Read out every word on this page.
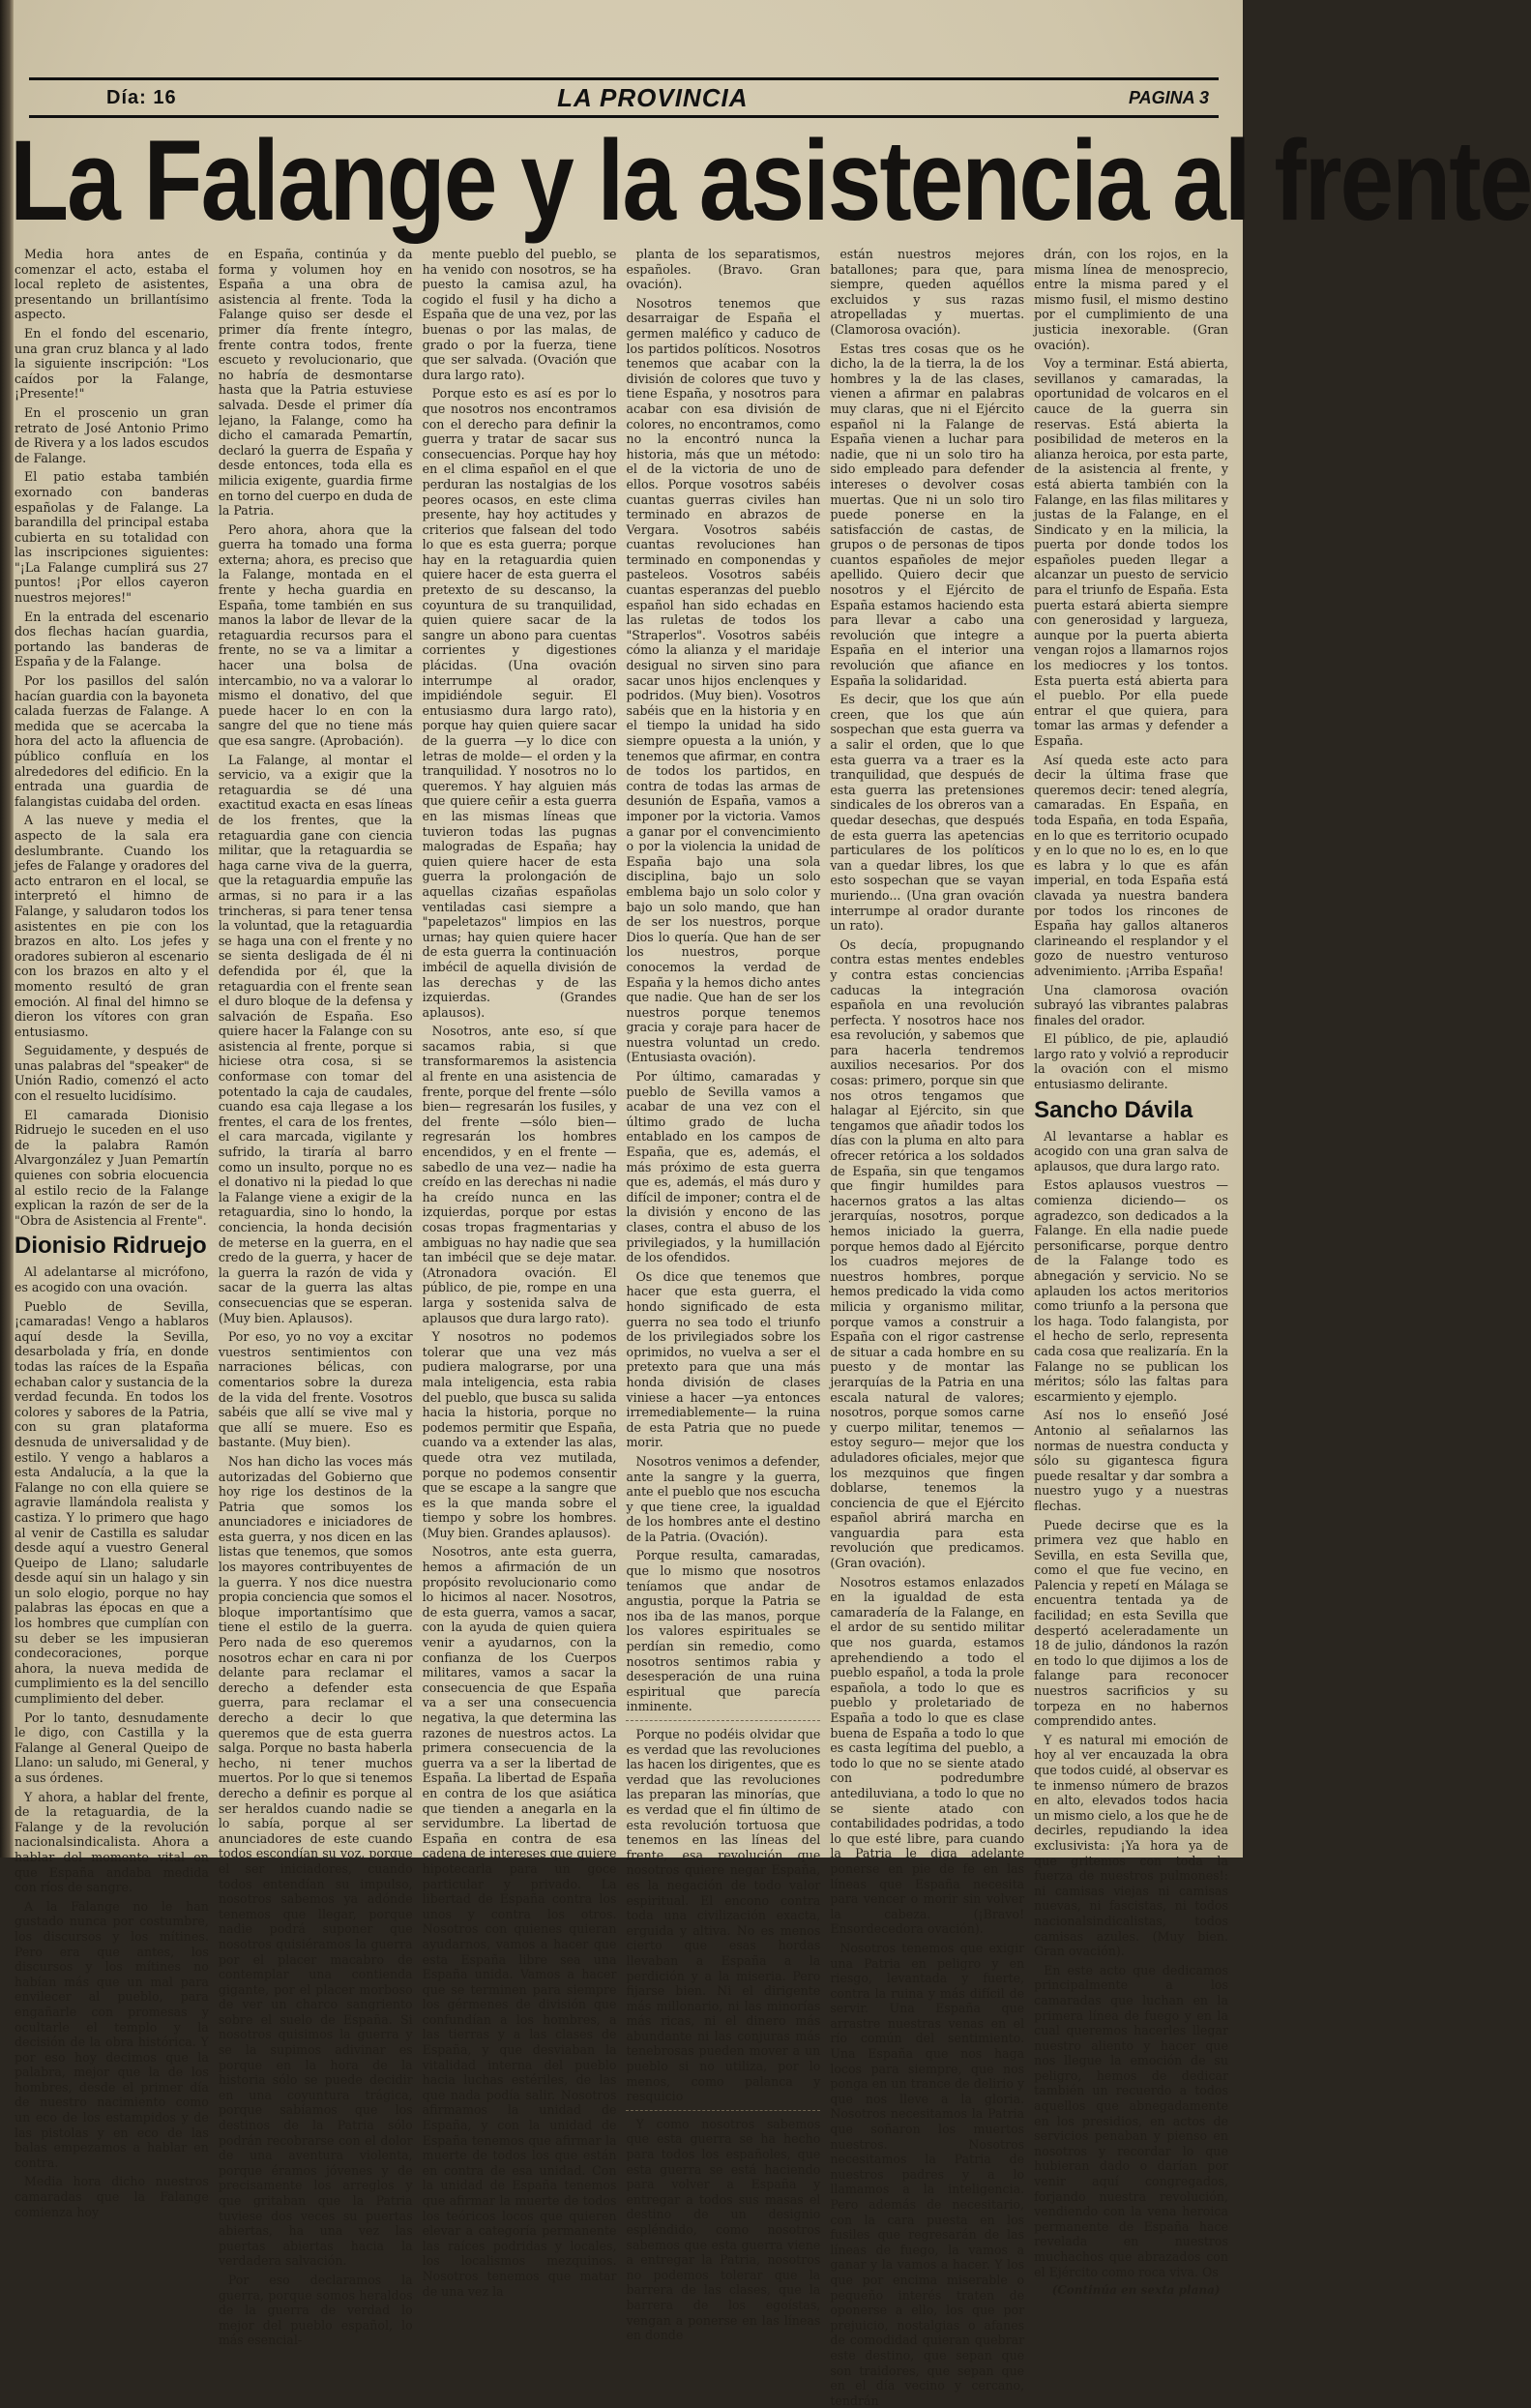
Día: 16	LA PROVINCIA	PAGINA 3
La Falange y la asistencia al frente

Media hora antes de comenzar el acto, estaba el local repleto de asistentes, presentando un brillantísimo aspecto.

En el fondo del escenario, una gran cruz blanca y al lado la siguiente inscripción: "Los caídos por la Falange, ¡Presente!"

En el proscenio un gran retrato de José Antonio Primo de Rivera y a los lados escudos de Falange.

El patio estaba también exornado con banderas españolas y de Falange. La barandilla del principal estaba cubierta en su totalidad con las inscripciones siguientes: "¡La Falange cumplirá sus 27 puntos! ¡Por ellos cayeron nuestros mejores!"

En la entrada del escenario dos flechas hacían guardia, portando las banderas de España y de la Falange.

Por los pasillos del salón hacían guardia con la bayoneta calada fuerzas de Falange. A medida que se acercaba la hora del acto la afluencia de público confluía en los alrededores del edificio. En la entrada una guardia de falangistas cuidaba del orden.

A las nueve y media el aspecto de la sala era deslumbrante. Cuando los jefes de Falange y oradores del acto entraron en el local, se interpretó el himno de Falange, y saludaron todos los asistentes en pie con los brazos en alto. Los jefes y oradores subieron al escenario con los brazos en alto y el momento resultó de gran emoción. Al final del himno se dieron los vítores con gran entusiasmo.

Seguidamente, y después de unas palabras del "speaker" de Unión Radio, comenzó el acto con el resuelto lucidísimo.

El camarada Dionisio Ridruejo le suceden en el uso de la palabra Ramón Alvargonzález y Juan Pemartín quienes con sobria elocuencia al estilo recio de la Falange explican la razón de ser de la "Obra de Asistencia al Frente".

Dionisio Ridruejo

Al adelantarse al micrófono, es acogido con una ovación.

Pueblo de Sevilla, ¡camaradas! Vengo a hablaros aquí desde la Sevilla, desarbolada y fría, en donde todas las raíces de la España echaban calor y sustancia de la verdad fecunda. En todos los colores y sabores de la Patria, con su gran plataforma desnuda de universalidad y de estilo. Y vengo a hablaros a esta Andalucía, a la que la Falange no con ella quiere se agravie llamándola realista y castiza. Y lo primero que hago al venir de Castilla es saludar desde aquí a vuestro General Queipo de Llano; saludarle desde aquí sin un halago y sin un solo elogio, porque no hay palabras las épocas en que a los hombres que cumplían con su deber se les impusieran condecoraciones, porque ahora, la nueva medida de cumplimiento es la del sencillo cumplimiento del deber.

Por lo tanto, desnudamente le digo, con Castilla y la Falange al General Queipo de Llano: un saludo, mi General, y a sus órdenes.

Y ahora, a hablar del frente, de la retaguardia, de la Falange y de la revolución nacionalsindicalista. Ahora a hablar del momento vital en que España andaba medida con ríos de sangre.

A la Falange no le han gustado nunca por costumbre, los discursos y los mítines. Pero era que antes, los discursos y los mítines no habían más que un mal para envilecer al pueblo, para engañarle con promesas y ocultarle el templo y la decisión de la obra histórica. Y por eso hoy decimos que la palabra, mejor que la de los hombres, desde el primer día de nuestro nacimiento como un eco de los estampidos y de las pistolas y en eco de las balas empezamos a hablar en contra.

Media hora dicho nuestros camaradas que la Falange comienza hoy

en España, continúa y da forma y volumen hoy en España a una obra de asistencia al frente. Toda la Falange quiso ser desde el primer día frente íntegro, frente contra todos, frente escueto y revolucionario, que no habría de desmontarse hasta que la Patria estuviese salvada. Desde el primer día lejano, la Falange, como ha dicho el camarada Pemartín, declaró la guerra de España y desde entonces, toda ella es milicia exigente, guardia firme en torno del cuerpo en duda de la Patria.

Pero ahora, ahora que la guerra ha tomado una forma externa; ahora, es preciso que la Falange, montada en el frente y hecha guardia en España, tome también en sus manos la labor de llevar de la retaguardia recursos para el frente, no se va a limitar a hacer una bolsa de intercambio, no va a valorar lo mismo el donativo, del que puede hacer lo en con la sangre del que no tiene más que esa sangre. (Aprobación).

La Falange, al montar el servicio, va a exigir que la retaguardia se dé una exactitud exacta en esas líneas de los frentes, que la retaguardia gane con ciencia militar, que la retaguardia se haga carne viva de la guerra, que la retaguardia empuñe las armas, si no para ir a las trincheras, si para tener tensa la voluntad, que la retaguardia se haga una con el frente y no se sienta desligada de él ni defendida por él, que la retaguardia con el frente sean el duro bloque de la defensa y salvación de España. Eso quiere hacer la Falange con su asistencia al frente, porque si hiciese otra cosa, si se conformase con tomar del potentado la caja de caudales, cuando esa caja llegase a los frentes, el cara de los frentes, el cara marcada, vigilante y sufrido, la tiraría al barro como un insulto, porque no es el donativo ni la piedad lo que la Falange viene a exigir de la retaguardia, sino lo hondo, la conciencia, la honda decisión de meterse en la guerra, en el credo de la guerra, y hacer de la guerra la razón de vida y sacar de la guerra las altas consecuencias que se esperan. (Muy bien. Aplausos).

Por eso, yo no voy a excitar vuestros sentimientos con narraciones bélicas, con comentarios sobre la dureza de la vida del frente. Vosotros sabéis que allí se vive mal y que allí se muere. Eso es bastante. (Muy bien).

Nos han dicho las voces más autorizadas del Gobierno que hoy rige los destinos de la Patria que somos los anunciadores e iniciadores de esta guerra, y nos dicen en las listas que tenemos, que somos los mayores contribuyentes de la guerra. Y nos dice nuestra propia conciencia que somos el bloque importantísimo que tiene el estilo de la guerra. Pero nada de eso queremos nosotros echar en cara ni por delante para reclamar el derecho a defender esta guerra, para reclamar el derecho a decir lo que queremos que de esta guerra salga. Porque no basta haberla hecho, ni tener muchos muertos. Por lo que si tenemos derecho a definir es porque al ser heraldos cuando nadie se lo sabía, porque al ser anunciadores de este cuando todos escondían su voz, porque el ser iniciadores, cuando todos entendían su impulso, nosotros sabemos ya adónde tenemos que llegar, porque nadie podrá suponer que nosotros quisiéramos la guerra por el placer macabro de contemplar una contienda gigante, por el placer morboso de ver un charco sangriento sobre el suelo de España. Si nosotros quisimos la guerra y se la supimos adivinar es porque en la hora de la historia sólo se puede decidir en una coyuntura trágica, porque sabíamos que los destinos de la Patria sólo podrán recobrarse con el dolor de una aventura violenta, porque éramos jóvenes y de precisamente los arreglos y que gritaban que la Patria tuviese dos veces su puertas abiertas, ha una vez las puertas abiertas hacia la verdadera salvación.

Por eso declaramos la guerra, porque somos heraldos de la guerra de verdad lo mejor del pueblo español, lo más esencial-

mente pueblo del pueblo, se ha venido con nosotros, se ha puesto la camisa azul, ha cogido el fusil y ha dicho a España que de una vez, por las buenas o por las malas, de grado o por la fuerza, tiene que ser salvada. (Ovación que dura largo rato).

Porque esto es así es por lo que nosotros nos encontramos con el derecho para definir la guerra y tratar de sacar sus consecuencias. Porque hay hoy en el clima español en el que perduran las nostalgias de los peores ocasos, en este clima presente, hay hoy actitudes y criterios que falsean del todo lo que es esta guerra; porque hay en la retaguardia quien quiere hacer de esta guerra el pretexto de su descanso, la coyuntura de su tranquilidad, quien quiere sacar de la sangre un abono para cuentas corrientes y digestiones plácidas. (Una ovación interrumpe al orador, impidiéndole seguir. El entusiasmo dura largo rato), porque hay quien quiere sacar de la guerra —y lo dice con letras de molde— el orden y la tranquilidad. Y nosotros no lo queremos. Y hay alguien más que quiere ceñir a esta guerra en las mismas líneas que tuvieron todas las pugnas malogradas de España; hay quien quiere hacer de esta guerra la prolongación de aquellas cizañas españolas ventiladas casi siempre a "papeletazos" limpios en las urnas; hay quien quiere hacer de esta guerra la continuación imbécil de aquella división de las derechas y de las izquierdas. (Grandes aplausos).

Nosotros, ante eso, sí que sacamos rabia, si que transformaremos la asistencia al frente en una asistencia de frente, porque del frente —sólo bien— regresarán los fusiles, y del frente —sólo bien— regresarán los hombres encendidos, y en el frente —sabedlo de una vez— nadie ha creído en las derechas ni nadie ha creído nunca en las izquierdas, porque por estas cosas tropas fragmentarias y ambiguas no hay nadie que sea tan imbécil que se deje matar. (Atronadora ovación. El público, de pie, rompe en una larga y sostenida salva de aplausos que dura largo rato).

Y nosotros no podemos tolerar que una vez más pudiera malograrse, por una mala inteligencia, esta rabia del pueblo, que busca su salida hacia la historia, porque no podemos permitir que España, cuando va a extender las alas, quede otra vez mutilada, porque no podemos consentir que se escape a la sangre que es la que manda sobre el tiempo y sobre los hombres. (Muy bien. Grandes aplausos).

Nosotros, ante esta guerra, hemos a afirmación de un propósito revolucionario como lo hicimos al nacer. Nosotros, de esta guerra, vamos a sacar, con la ayuda de quien quiera venir a ayudarnos, con la confianza de los Cuerpos militares, vamos a sacar la consecuencia de que España va a ser una consecuencia negativa, la que determina las razones de nuestros actos. La primera consecuencia de la guerra va a ser la libertad de España. La libertad de España en contra de los que asiática que tienden a anegarla en la servidumbre. La libertad de España en contra de esa cadena de intereses que quiere hipotecarla para un goce particular y privado. La libertad de España contra los unos y contra los otros. Nosotros con quienes quieran ayudarnos, vamos a hacer que esta España libre sea una España unida. Vamos a hacer que se terminen para siempre los gérmenes de división que confundían a los hombres, a las tierras y a las clases de España, y que desviaban la vitalidad interna del pueblo hacia luchas estériles, de las que nada podía salir. Nosotros afirmamos la unidad de España, y con la unidad de España tenemos que afirmar la muerte de todos los que están en contra de esa unidad. Con la unidad de España tenemos que afirmar la muerte de todos los teóricos locos que quieren elevar a categoría permanente las raíces podridas y locales, los localismos mezquinos. Nosotros tenemos que matar de una vez la

planta de los separatismos, españoles. (Bravo. Gran ovación).

Nosotros tenemos que desarraigar de España el germen maléfico y caduco de los partidos políticos. Nosotros tenemos que acabar con la división de colores que tuvo y tiene España, y nosotros para acabar con esa división de colores, no encontramos, como no la encontró nunca la historia, más que un método: el de la victoria de uno de ellos. Porque vosotros sabéis cuantas guerras civiles han terminado en abrazos de Vergara. Vosotros sabéis cuantas revoluciones han terminado en componendas y pasteleos. Vosotros sabéis cuantas esperanzas del pueblo español han sido echadas en las ruletas de todos los "Straperlos". Vosotros sabéis cómo la alianza y el maridaje desigual no sirven sino para sacar unos hijos enclenques y podridos. (Muy bien). Vosotros sabéis que en la historia y en el tiempo la unidad ha sido siempre opuesta a la unión, y tenemos que afirmar, en contra de todos los partidos, en contra de todas las armas de desunión de España, vamos a imponer por la victoria. Vamos a ganar por el convencimiento o por la violencia la unidad de España bajo una sola disciplina, bajo un solo emblema bajo un solo color y bajo un solo mando, que han de ser los nuestros, porque Dios lo quería. Que han de ser los nuestros, porque conocemos la verdad de España y la hemos dicho antes que nadie. Que han de ser los nuestros porque tenemos gracia y coraje para hacer de nuestra voluntad un credo. (Entusiasta ovación).

Por último, camaradas y pueblo de Sevilla vamos a acabar de una vez con el último grado de lucha entablado en los campos de España, que es, además, el más próximo de esta guerra que es, además, el más duro y difícil de imponer; contra el de la división y encono de las clases, contra el abuso de los privilegiados, y la humillación de los ofendidos.

Os dice que tenemos que hacer que esta guerra, el hondo significado de esta guerra no sea todo el triunfo de los privilegiados sobre los oprimidos, no vuelva a ser el pretexto para que una más honda división de clases viniese a hacer —ya entonces irremediablemente— la ruina de esta Patria que no puede morir.

Nosotros venimos a defender, ante la sangre y la guerra, ante el pueblo que nos escucha y que tiene cree, la igualdad de los hombres ante el destino de la Patria. (Ovación).

Porque resulta, camaradas, que lo mismo que nosotros teníamos que andar de angustia, porque la Patria se nos iba de las manos, porque los valores espirituales se perdían sin remedio, como nosotros sentimos rabia y desesperación de una ruina espiritual que parecía inminente.

Porque no podéis olvidar que es verdad que las revoluciones las hacen los dirigentes, que es verdad que las revoluciones las preparan las minorías, que es verdad que el fin último de esta revolución tortuosa que tenemos en las líneas del frente, esa revolución que nosotros quiere negar España, es la negación de todo valor espiritual. El encono contra toda una civilización exacta, erguida y altiva. No es menos cierto que esas hordas llevaban a España a la perdición y a la miseria. Pero fijarse bien. Ni el dirigente más millonario, ni las minorías más ricas, ni el dinero más abundante ni las conjuras más tenebrosas pueden mover a un pueblo si no utiliza, por lo menos, como palanca y resquicio

Y como nosotros sabemos que esta guerra se ha hecho para todos los españoles, que esta guerra se está haciendo para volver a España y entregar a todos sus masas el destino de un designio espléndido, como nosotros sabemos que esta guerra viene a entregar la Patria, nosotros no podemos tolerar que la barrera de las clases, que la barrera de los egoístas, vengan a ponerse en las líneas en donde

están nuestros mejores batallones; para que, para siempre, queden aquéllos excluidos y sus razas atropelladas y muertas. (Clamorosa ovación).

Estas tres cosas que os he dicho, la de la tierra, la de los hombres y la de las clases, vienen a afirmar en palabras muy claras, que ni el Ejército español ni la Falange de España vienen a luchar para nadie, que ni un solo tiro ha sido empleado para defender intereses o devolver cosas muertas. Que ni un solo tiro puede ponerse en la satisfacción de castas, de grupos o de personas de tipos cuantos españoles de mejor apellido. Quiero decir que nosotros y el Ejército de España estamos haciendo esta para llevar a cabo una revolución que integre a España en el interior una revolución que afiance en España la solidaridad.

Es decir, que los que aún creen, que los que aún sospechan que esta guerra va a salir el orden, que lo que esta guerra va a traer es la tranquilidad, que después de esta guerra las pretensiones sindicales de los obreros van a quedar desechas, que después de esta guerra las apetencias particulares de los políticos van a quedar libres, los que esto sospechan que se vayan muriendo... (Una gran ovación interrumpe al orador durante un rato).

Os decía, propugnando contra estas mentes endebles y contra estas conciencias caducas la integración española en una revolución perfecta. Y nosotros hace nos esa revolución, y sabemos que para hacerla tendremos auxilios necesarios. Por dos cosas: primero, porque sin que nos otros tengamos que halagar al Ejército, sin que tengamos que añadir todos los días con la pluma en alto para ofrecer retórica a los soldados de España, sin que tengamos que fingir humildes para hacernos gratos a las altas jerarquías, nosotros, porque hemos iniciado la guerra, porque hemos dado al Ejército los cuadros mejores de nuestros hombres, porque hemos predicado la vida como milicia y organismo militar, porque vamos a construir a España con el rigor castrense de situar a cada hombre en su puesto y de montar las jerarquías de la Patria en una escala natural de valores; nosotros, porque somos carne y cuerpo militar, tenemos —estoy seguro— mejor que los aduladores oficiales, mejor que los mezquinos que fingen doblarse, tenemos la conciencia de que el Ejército español abrirá marcha en vanguardia para esta revolución que predicamos. (Gran ovación).

Nosotros estamos enlazados en la igualdad de esta camaradería de la Falange, en el ardor de su sentido militar que nos guarda, estamos aprehendiendo a todo el pueblo español, a toda la prole española, a todo lo que es pueblo y proletariado de España a todo lo que es clase buena de España a todo lo que es casta legítima del pueblo, a todo lo que no se siente atado con podredumbre antediluviana, a todo lo que no se siente atado con contabilidades podridas, a todo lo que esté libre, para cuando la Patria le diga adelante ponerse en pie de fe en las líneas que España necesita para vencer o morir sin volver la cabeza. (¡Bravo! Ensordecedora ovación).

Nosotros tenemos que exigir una Patria en peligro y en riesgo, levantada y fuerte, contra la ruina y más difícil de servir. Una España que arrastre nuestras venas en el río común del sentimiento. Una España que nos haga locos para siempre, que nos ponga en un trance de delirio y que nos lleve a la gloria. Nosotros necesitamos la Patria que soñaron los muertos nuestros. Nosotros necesitamos la Patria de nuestros padres y a lo llamamos a la inteligencia. Pero además de necesitario, con la cara puesta en los fusiles que regresarán de las líneas de fuego, la vamos a ganar y la vamos a hacer. Y los que por encima miserable o pequeño interés traten de oponerse a ello, los que por prejuicio, nostalgias o afanes de comodidad quieran quebrar este destino, que sepan que son traidores, que sepan que en el día vecino y cercano, tendrán

drán, con los rojos, en la misma línea de menosprecio, entre la misma pared y el mismo fusil, el mismo destino por el cumplimiento de una justicia inexorable. (Gran ovación).

Voy a terminar. Está abierta, sevillanos y camaradas, la oportunidad de volcaros en el cauce de la guerra sin reservas. Está abierta la posibilidad de meteros en la alianza heroica, por esta parte, de la asistencia al frente, y está abierta también con la Falange, en las filas militares y justas de la Falange, en el Sindicato y en la milicia, la puerta por donde todos los españoles pueden llegar a alcanzar un puesto de servicio para el triunfo de España. Esta puerta estará abierta siempre con generosidad y largueza, aunque por la puerta abierta vengan rojos a llamarnos rojos los mediocres y los tontos. Esta puerta está abierta para el pueblo. Por ella puede entrar el que quiera, para tomar las armas y defender a España.

Así queda este acto para decir la última frase que queremos decir: tened alegría, camaradas. En España, en toda España, en toda España, en lo que es territorio ocupado y en lo que no lo es, en lo que es labra y lo que es afán imperial, en toda España está clavada ya nuestra bandera por todos los rincones de España hay gallos altaneros clarineando el resplandor y el gozo de nuestro venturoso advenimiento. ¡Arriba España!

Una clamorosa ovación subrayó las vibrantes palabras finales del orador.

El público, de pie, aplaudió largo rato y volvió a reproducir la ovación con el mismo entusiasmo delirante.

Sancho Dávila

Al levantarse a hablar es acogido con una gran salva de aplausos, que dura largo rato.

Estos aplausos vuestros —comienza diciendo— os agradezco, son dedicados a la Falange. En ella nadie puede personificarse, porque dentro de la Falange todo es abnegación y servicio. No se aplauden los actos meritorios como triunfo a la persona que los haga. Todo falangista, por el hecho de serlo, representa cada cosa que realizaría. En la Falange no se publican los méritos; sólo las faltas para escarmiento y ejemplo.

Así nos lo enseñó José Antonio al señalarnos las normas de nuestra conducta y sólo su gigantesca figura puede resaltar y dar sombra a nuestro yugo y a nuestras flechas.

Puede decirse que es la primera vez que hablo en Sevilla, en esta Sevilla que, como el que fue vecino, en Palencia y repetí en Málaga se encuentra tentada ya de facilidad; en esta Sevilla que despertó aceleradamente un 18 de julio, dándonos la razón en todo lo que dijimos a los de falange para reconocer nuestros sacrificios y su torpeza en no habernos comprendido antes.

Y es natural mi emoción de hoy al ver encauzada la obra que todos cuidé, al observar es te inmenso número de brazos en alto, elevados todos hacia un mismo cielo, a los que he de decirles, repudiando la idea exclusivista: ¡Ya hora ya de que gritemos con toda la fuerza de nuestros pulmones!: ni camisas viejas ni camisas nuevas, ni fascistas, ni todos nacionalsindicalistas, todos camisas azules. (Muy bien. Gran ovación).

En este acto que dedicamos principalmente a los camaradas que luchan en la primera línea de fuego y en la cual queremos hacerles llegar nuestro aliento y hacer que nos llegue la emoción de su peligro, hemos de dedicar también un recuerdo a todos aquellos que abnegadamente en los presidios, en actos de servicios penaban y pienso en nosotros y recordar lo que hubieran dado o darían por venir aquí congregados, forjando nuestra revolución, vendiendo con la vena heroica permanente de España hace revelada en nuestros muchachos que abrazados con el Ejército como roca viva. Os

(Continúa en sexta plana)
